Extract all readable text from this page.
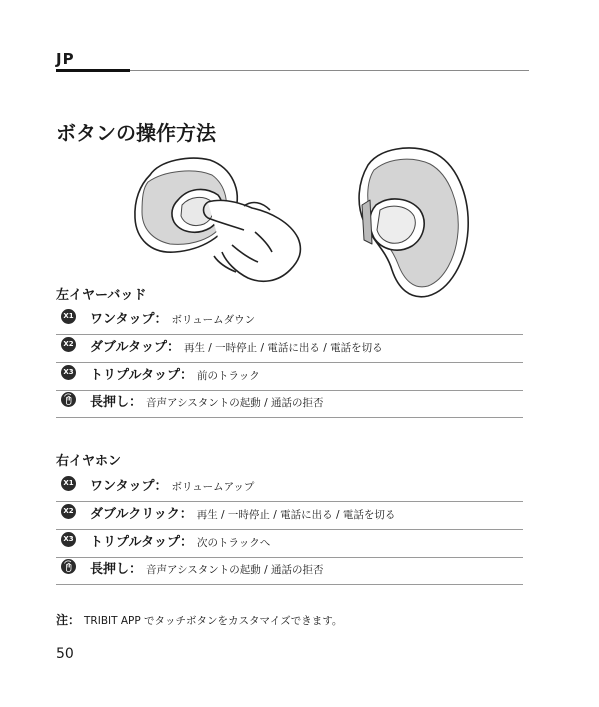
JP
ボタンの操作方法
左イヤーバッド
X1 ワンタップ： ボリュームダウン
X2 ダブルタップ： 再生 / 一時停止 / 電話に出る / 電話を切る
X3 トリプルタップ： 前のトラック
長押し： 音声アシスタントの起動 / 通話の拒否
右イヤホン
X1 ワンタップ： ボリュームアップ
X2 ダブルクリック： 再生 / 一時停止 / 電話に出る / 電話を切る
X3 トリプルタップ： 次のトラックへ
長押し： 音声アシスタントの起動 / 通話の拒否
注： TRIBIT APP でタッチボタンをカスタマイズできます。
50
